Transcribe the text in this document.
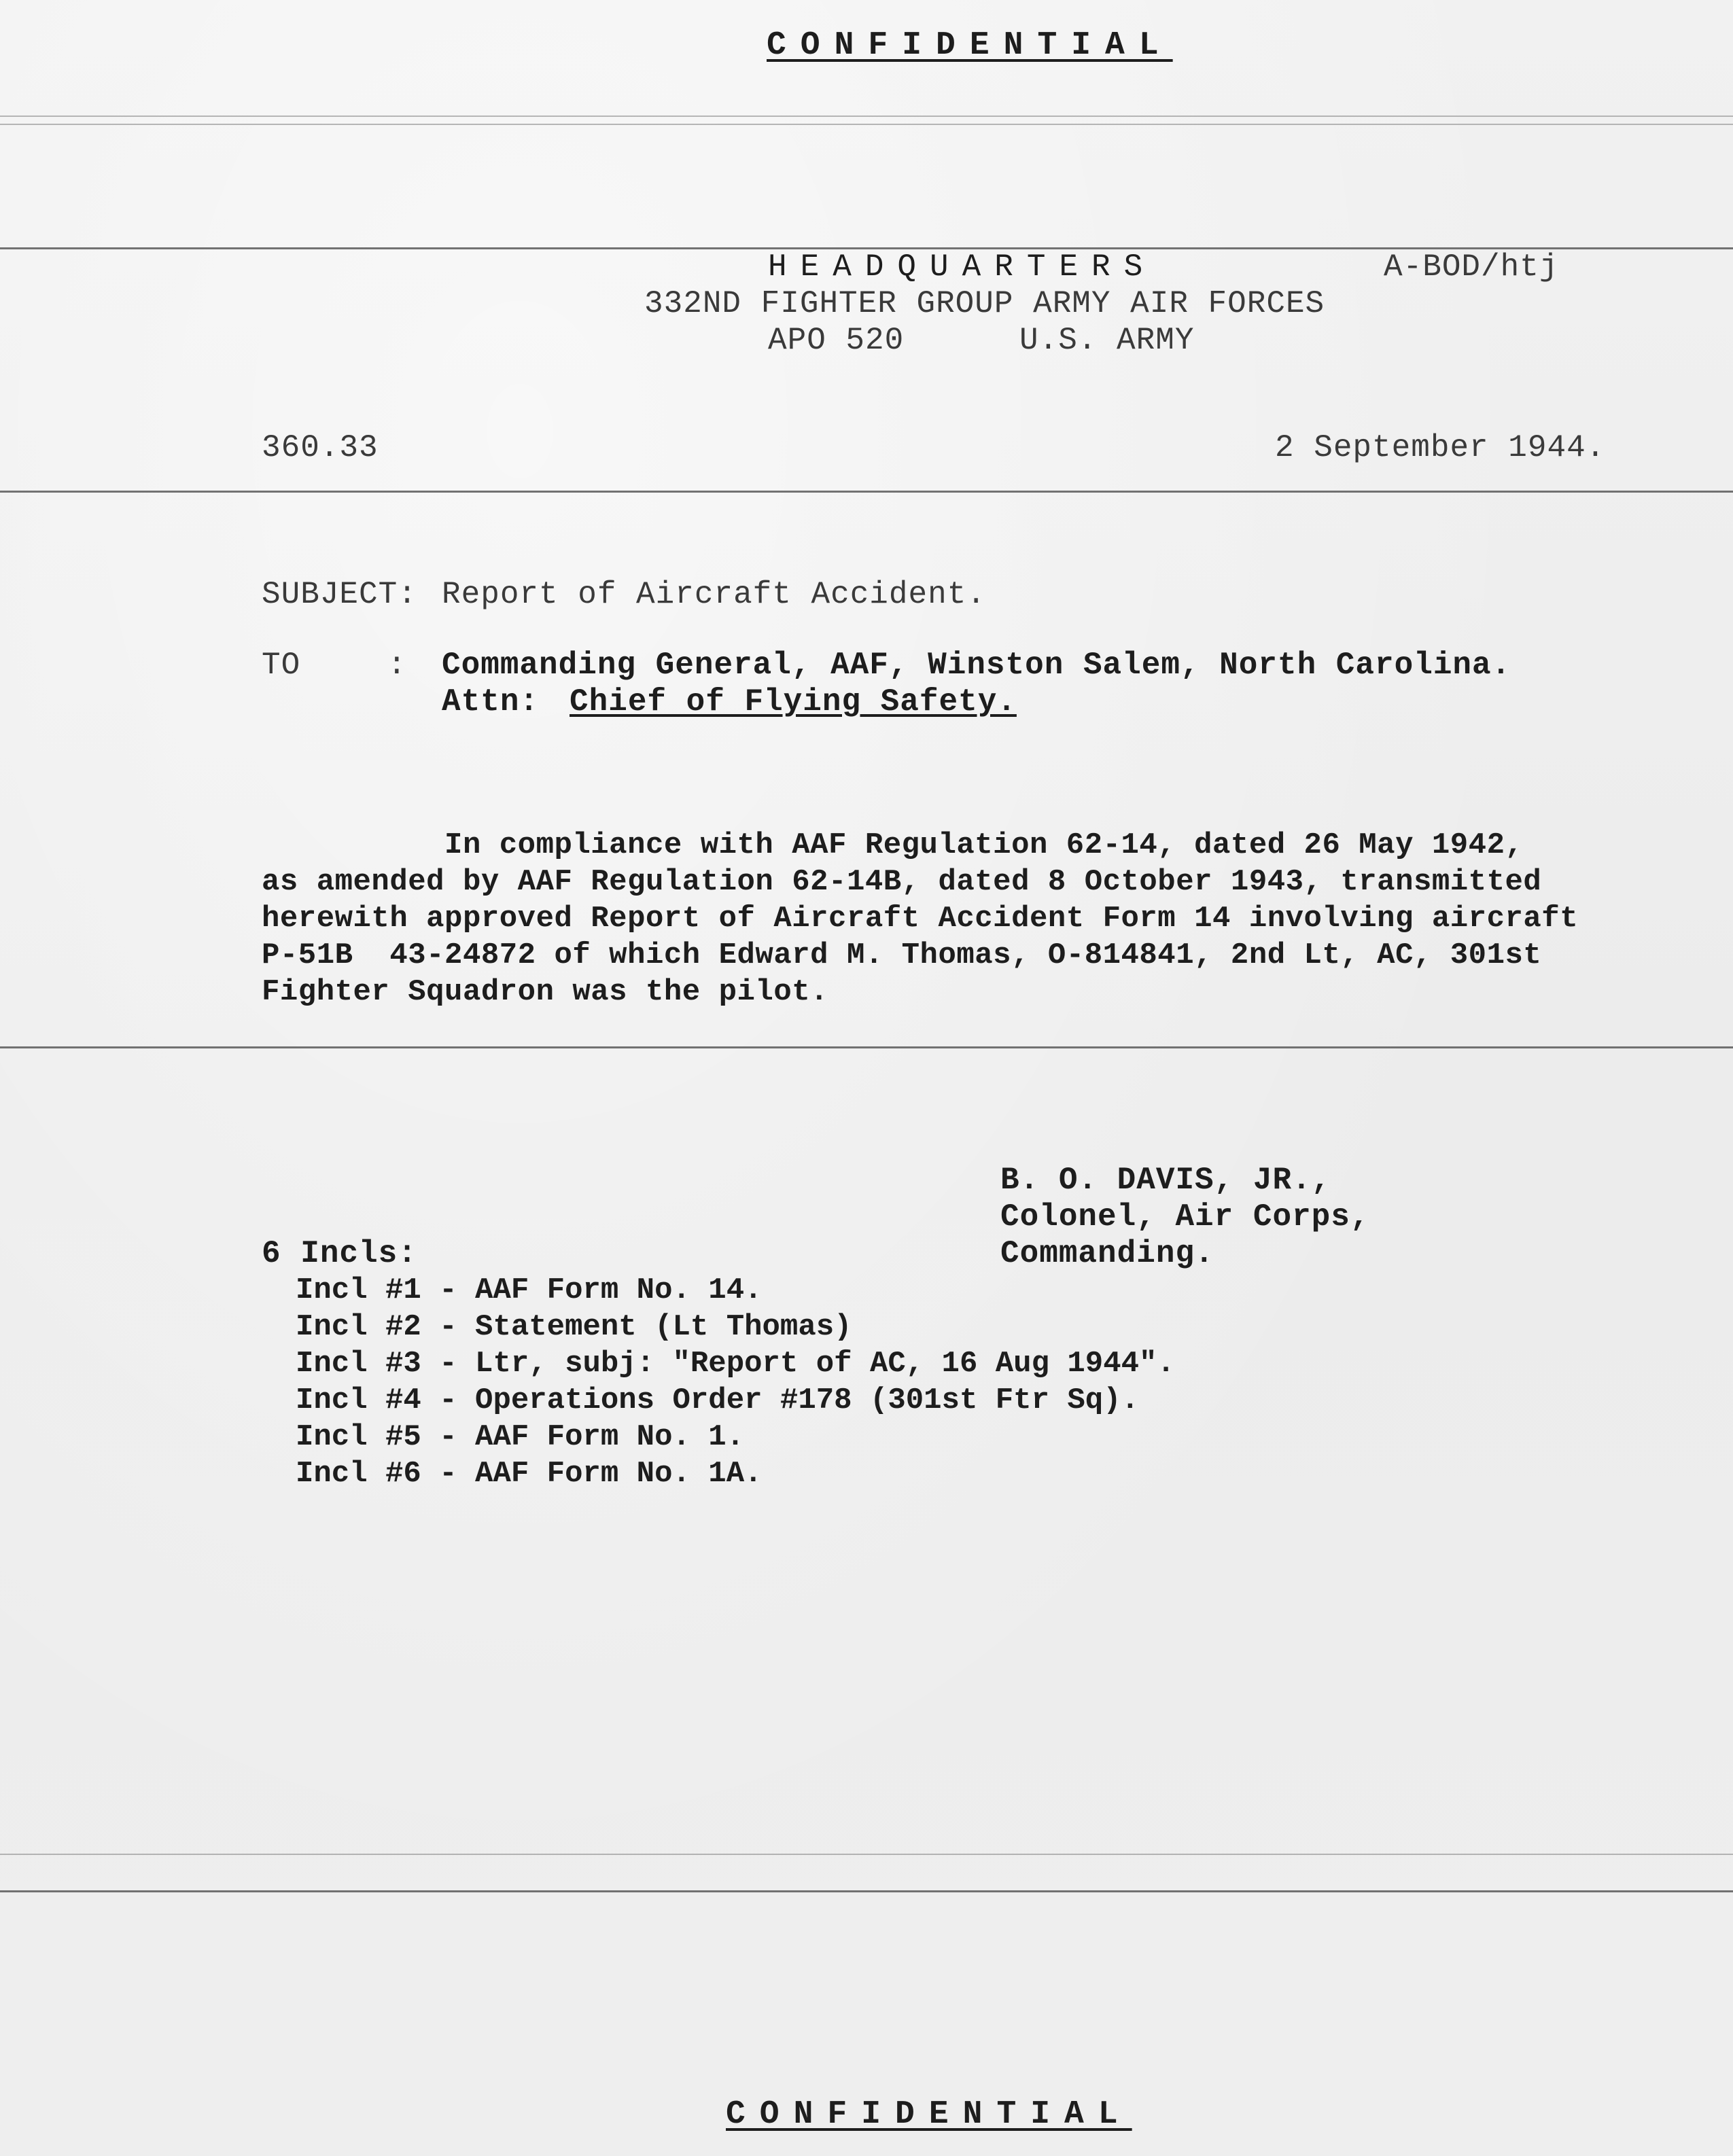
CONFIDENTIAL
HEADQUARTERS	A-BOD/htj
332ND FIGHTER GROUP ARMY AIR FORCES
APO 520	U.S. ARMY
360.33	2 September 1944.
SUBJECT: Report of Aircraft Accident.
TO	: Commanding General, AAF, Winston Salem, North Carolina.
Attn: Chief of Flying Safety.
In compliance with AAF Regulation 62-14, dated 26 May 1942,
as amended by AAF Regulation 62-14B, dated 8 October 1943, transmitted
herewith approved Report of Aircraft Accident Form 14 involving aircraft
P-51B  43-24872 of which Edward M. Thomas, O-814841, 2nd Lt, AC, 301st
Fighter Squadron was the pilot.
B. O. DAVIS, JR.,
Colonel, Air Corps,
Commanding.
6 Incls:
Incl #1 - AAF Form No. 14.
Incl #2 - Statement (Lt Thomas)
Incl #3 - Ltr, subj: "Report of AC, 16 Aug 1944".
Incl #4 - Operations Order #178 (301st Ftr Sq).
Incl #5 - AAF Form No. 1.
Incl #6 - AAF Form No. 1A.
CONFIDENTIAL
